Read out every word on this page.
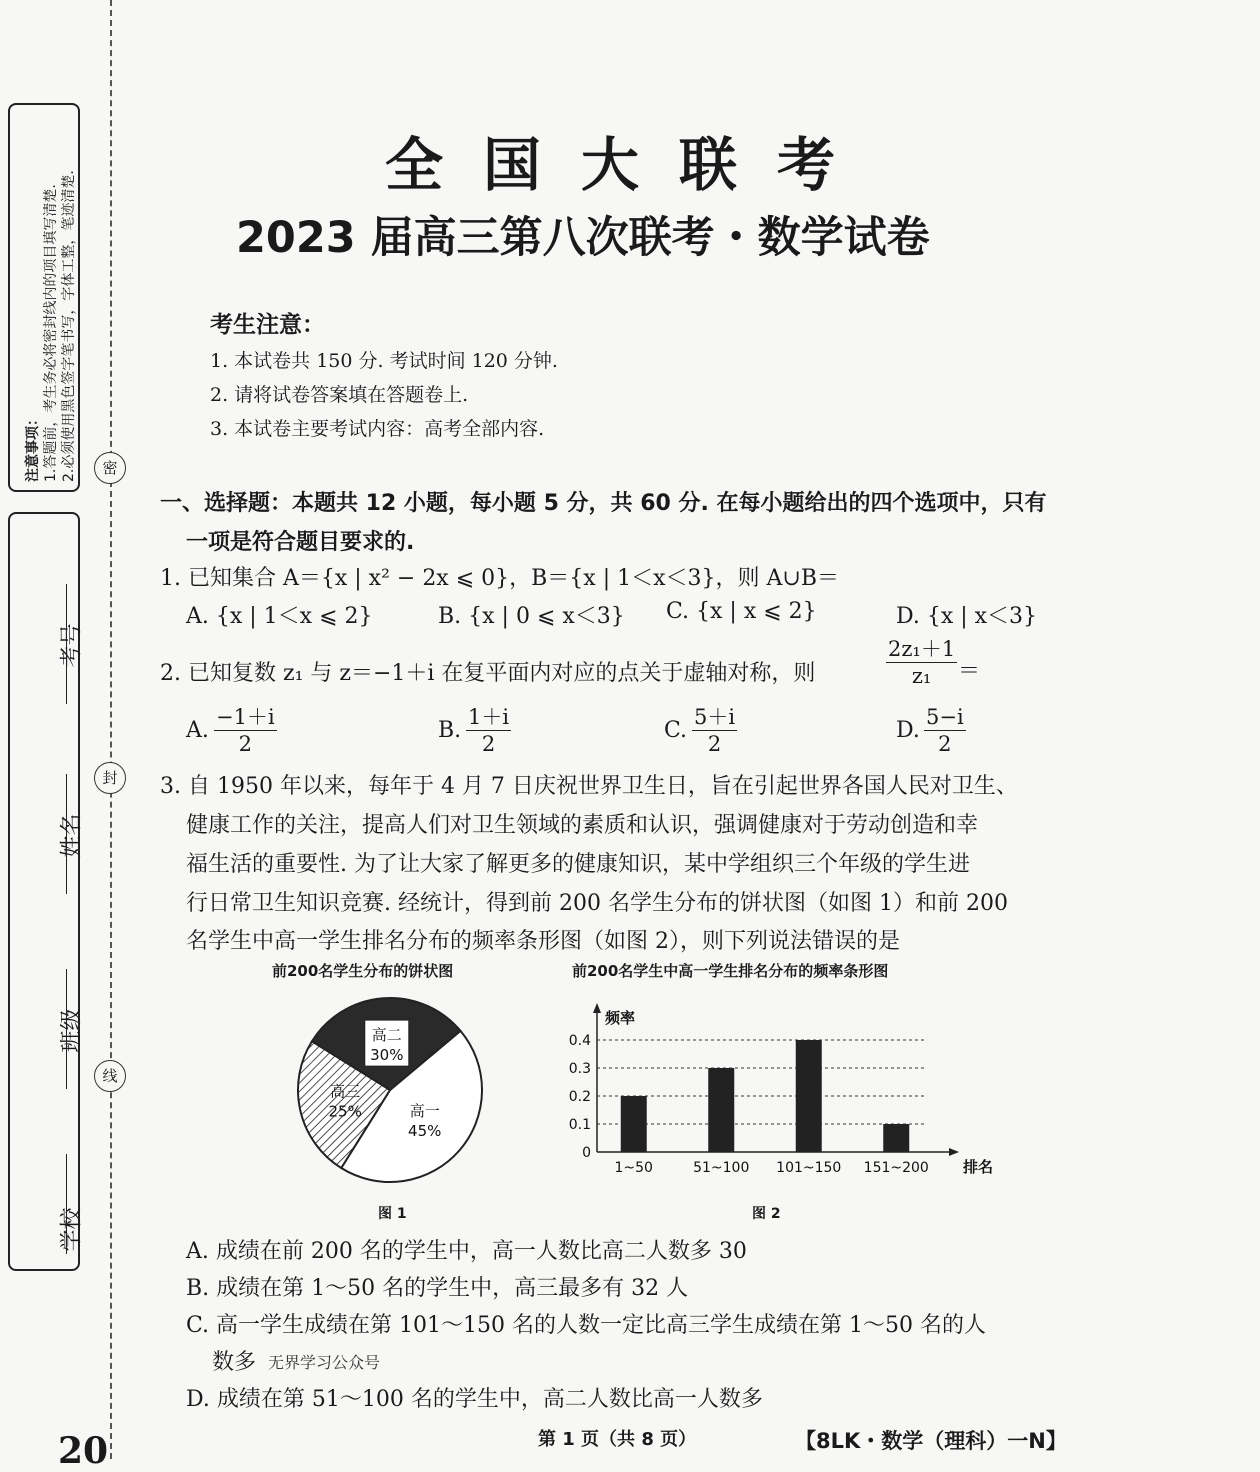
注意事项： 1.答题前，考生务必将密封线内的项目填写清楚. 2.必须使用黑色签字笔书写，字体工整，笔迹清楚.
考号
姓名
班级
学校
密
封
线
20
全国大联考
2023 届高三第八次联考・数学试卷
考生注意：
1. 本试卷共 150 分. 考试时间 120 分钟.
2. 请将试卷答案填在答题卷上.
3. 本试卷主要考试内容：高考全部内容.
一、选择题：本题共 12 小题，每小题 5 分，共 60 分. 在每小题给出的四个选项中，只有
一项是符合题目要求的.
1. 已知集合 A＝{x | x² − 2x ⩽ 0}，B＝{x | 1＜x＜3}，则 A∪B＝
A. {x | 1＜x ⩽ 2}	B. {x | 0 ⩽ x＜3} C. {x | x ⩽ 2}	D. {x | x＜3}
2. 已知复数 z₁ 与 z＝−1＋i 在复平面内对应的点关于虚轴对称，则	$\frac{\text{2z₁＋1}}{\text{z₁}}$ ＝
A. $\frac{-1+i}{2}$	B. $\frac{1+i}{2}$	C. $\frac{5+i}{2}$	D. $\frac{5-i}{2}$
3. 自 1950 年以来，每年于 4 月 7 日庆祝世界卫生日，旨在引起世界各国人民对卫生、
健康工作的关注，提高人们对卫生领域的素质和认识，强调健康对于劳动创造和幸
福生活的重要性. 为了让大家了解更多的健康知识，某中学组织三个年级的学生进
行日常卫生知识竞赛. 经统计，得到前 200 名学生分布的饼状图（如图 1）和前 200
名学生中高一学生排名分布的频率条形图（如图 2），则下列说法错误的是
前200名学生分布的饼状图
高一
45%
高三
25%
高二
30%
图 1
前200名学生中高一学生排名分布的频率条形图
频率
排名
0
0.1
0.2
0.3
0.4
1~50	51~100 101~150 151~200
图 2
A. 成绩在前 200 名的学生中，高一人数比高二人数多 30
B. 成绩在第 1～50 名的学生中，高三最多有 32 人
C. 高一学生成绩在第 101～150 名的人数一定比高三学生成绩在第 1～50 名的人
数多 无界学习公众号
D. 成绩在第 51～100 名的学生中，高二人数比高一人数多
第 1 页（共 8 页）	【8LK・数学（理科）一N】
